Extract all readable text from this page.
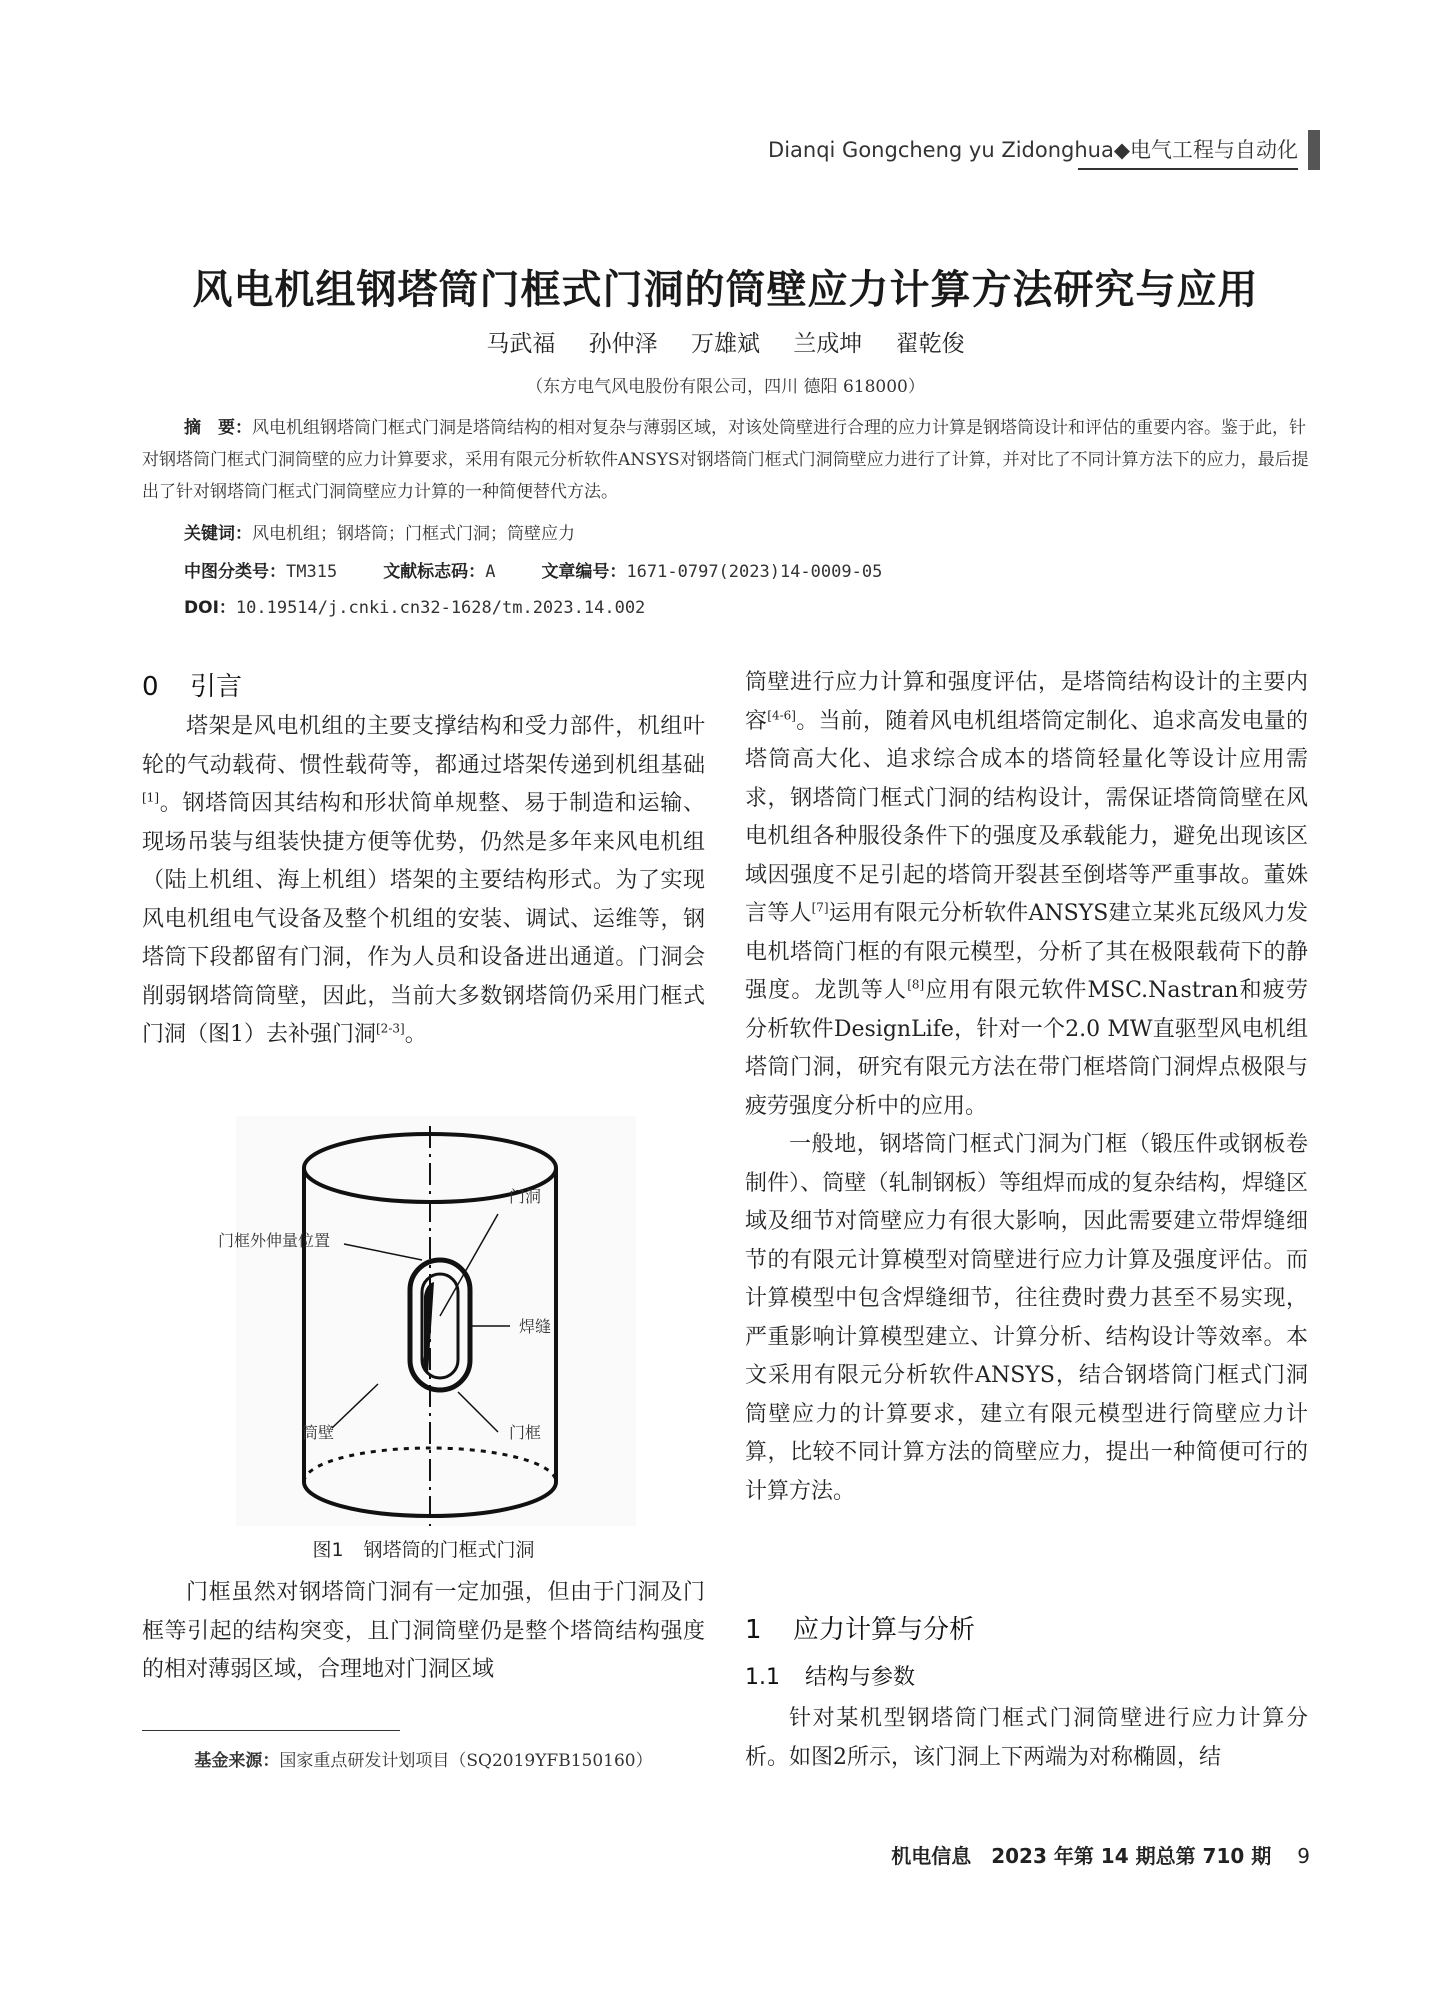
Dianqi Gongcheng yu Zidonghua◆电气工程与自动化
风电机组钢塔筒门框式门洞的筒壁应力计算方法研究与应用
马武福 孙仲泽 万雄斌 兰成坤 翟乾俊
（东方电气风电股份有限公司，四川 德阳 618000）
摘　要：风电机组钢塔筒门框式门洞是塔筒结构的相对复杂与薄弱区域，对该处筒壁进行合理的应力计算是钢塔筒设计和评估的重要内容。鉴于此，针对钢塔筒门框式门洞筒壁的应力计算要求，采用有限元分析软件ANSYS对钢塔筒门框式门洞筒壁应力进行了计算，并对比了不同计算方法下的应力，最后提出了针对钢塔筒门框式门洞筒壁应力计算的一种简便替代方法。
关键词：风电机组；钢塔筒；门框式门洞；筒壁应力
中图分类号：TM315	文献标志码：A	文章编号：1671-0797(2023)14-0009-05
DOI：10.19514/j.cnki.cn32-1628/tm.2023.14.002
0 引言

塔架是风电机组的主要支撑结构和受力部件，机组叶轮的气动载荷、惯性载荷等，都通过塔架传递到机组基础[1]。钢塔筒因其结构和形状简单规整、易于制造和运输、现场吊装与组装快捷方便等优势，仍然是多年来风电机组（陆上机组、海上机组）塔架的主要结构形式。为了实现风电机组电气设备及整个机组的安装、调试、运维等，钢塔筒下段都留有门洞，作为人员和设备进出通道。门洞会削弱钢塔筒筒壁，因此，当前大多数钢塔筒仍采用门框式门洞（图1）去补强门洞[2-3]。

门洞
门框外伸量位置
焊缝
筒壁	门框
图1 钢塔筒的门框式门洞

门框虽然对钢塔筒门洞有一定加强，但由于门洞及门框等引起的结构突变，且门洞筒壁仍是整个塔筒结构强度的相对薄弱区域，合理地对门洞区域

基金来源：国家重点研发计划项目（SQ2019YFB150160）

筒壁进行应力计算和强度评估，是塔筒结构设计的主要内容[4-6]。当前，随着风电机组塔筒定制化、追求高发电量的塔筒高大化、追求综合成本的塔筒轻量化等设计应用需求，钢塔筒门框式门洞的结构设计，需保证塔筒筒壁在风电机组各种服役条件下的强度及承载能力，避免出现该区域因强度不足引起的塔筒开裂甚至倒塔等严重事故。董姝言等人[7]运用有限元分析软件ANSYS建立某兆瓦级风力发电机塔筒门框的有限元模型，分析了其在极限载荷下的静强度。龙凯等人[8]应用有限元软件MSC.Nastran和疲劳分析软件DesignLife，针对一个2.0 MW直驱型风电机组塔筒门洞，研究有限元方法在带门框塔筒门洞焊点极限与疲劳强度分析中的应用。

一般地，钢塔筒门框式门洞为门框（锻压件或钢板卷制件）、筒壁（轧制钢板）等组焊而成的复杂结构，焊缝区域及细节对筒壁应力有很大影响，因此需要建立带焊缝细节的有限元计算模型对筒壁进行应力计算及强度评估。而计算模型中包含焊缝细节，往往费时费力甚至不易实现，严重影响计算模型建立、计算分析、结构设计等效率。本文采用有限元分析软件ANSYS，结合钢塔筒门框式门洞筒壁应力的计算要求，建立有限元模型进行筒壁应力计算，比较不同计算方法的筒壁应力，提出一种简便可行的计算方法。

1 应力计算与分析
1.1 结构与参数

针对某机型钢塔筒门框式门洞筒壁进行应力计算分析。如图2所示，该门洞上下两端为对称椭圆，结

机电信息　2023 年第 14 期总第 710 期 9
